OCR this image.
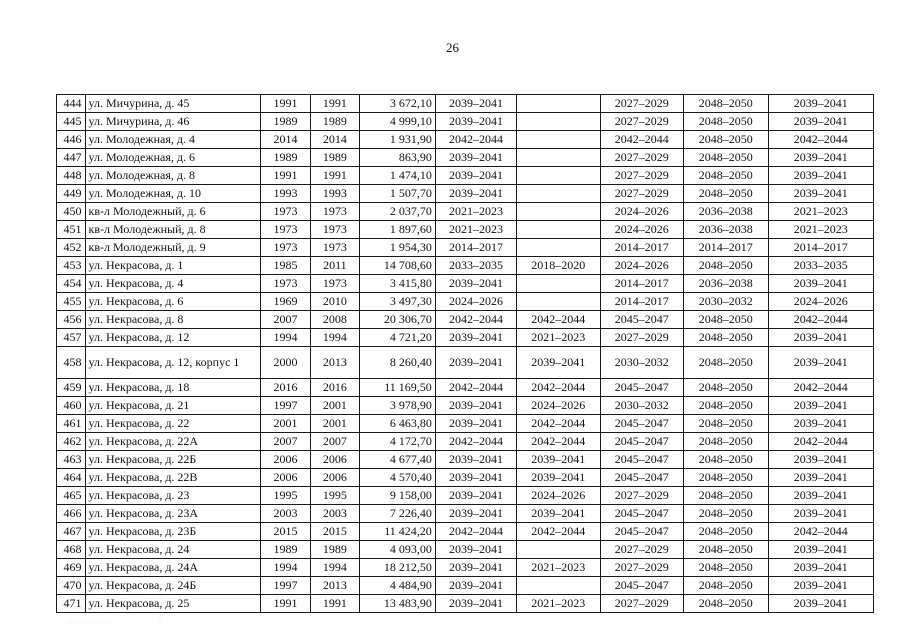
26
444	ул. Мичурина, д. 45	1991	1991	3 672,10	2039–2041		2027–2029	2048–2050	2039–2041
445	ул. Мичурина, д. 46	1989	1989	4 999,10	2039–2041		2027–2029	2048–2050	2039–2041
446	ул. Молодежная, д. 4	2014	2014	1 931,90	2042–2044		2042–2044	2048–2050	2042–2044
447	ул. Молодежная, д. 6	1989	1989	863,90	2039–2041		2027–2029	2048–2050	2039–2041
448	ул. Молодежная, д. 8	1991	1991	1 474,10	2039–2041		2027–2029	2048–2050	2039–2041
449	ул. Молодежная, д. 10	1993	1993	1 507,70	2039–2041		2027–2029	2048–2050	2039–2041
450	кв-л Молодежный, д. 6	1973	1973	2 037,70	2021–2023		2024–2026	2036–2038	2021–2023
451	кв-л Молодежный, д. 8	1973	1973	1 897,60	2021–2023		2024–2026	2036–2038	2021–2023
452	кв-л Молодежный, д. 9	1973	1973	1 954,30	2014–2017		2014–2017	2014–2017	2014–2017
453	ул. Некрасова, д. 1	1985	2011	14 708,60	2033–2035	2018–2020	2024–2026	2048–2050	2033–2035
454	ул. Некрасова, д. 4	1973	1973	3 415,80	2039–2041		2014–2017	2036–2038	2039–2041
455	ул. Некрасова, д. 6	1969	2010	3 497,30	2024–2026		2014–2017	2030–2032	2024–2026
456	ул. Некрасова, д. 8	2007	2008	20 306,70	2042–2044	2042–2044	2045–2047	2048–2050	2042–2044
457	ул. Некрасова, д. 12	1994	1994	4 721,20	2039–2041	2021–2023	2027–2029	2048–2050	2039–2041
458	ул. Некрасова, д. 12, корпус 1	2000	2013	8 260,40	2039–2041	2039–2041	2030–2032	2048–2050	2039–2041
459	ул. Некрасова, д. 18	2016	2016	11 169,50	2042–2044	2042–2044	2045–2047	2048–2050	2042–2044
460	ул. Некрасова, д. 21	1997	2001	3 978,90	2039–2041	2024–2026	2030–2032	2048–2050	2039–2041
461	ул. Некрасова, д. 22	2001	2001	6 463,80	2039–2041	2042–2044	2045–2047	2048–2050	2039–2041
462	ул. Некрасова, д. 22А	2007	2007	4 172,70	2042–2044	2042–2044	2045–2047	2048–2050	2042–2044
463	ул. Некрасова, д. 22Б	2006	2006	4 677,40	2039–2041	2039–2041	2045–2047	2048–2050	2039–2041
464	ул. Некрасова, д. 22В	2006	2006	4 570,40	2039–2041	2039–2041	2045–2047	2048–2050	2039–2041
465	ул. Некрасова, д. 23	1995	1995	9 158,00	2039–2041	2024–2026	2027–2029	2048–2050	2039–2041
466	ул. Некрасова, д. 23А	2003	2003	7 226,40	2039–2041	2039–2041	2045–2047	2048–2050	2039–2041
467	ул. Некрасова, д. 23Б	2015	2015	11 424,20	2042–2044	2042–2044	2045–2047	2048–2050	2042–2044
468	ул. Некрасова, д. 24	1989	1989	4 093,00	2039–2041		2027–2029	2048–2050	2039–2041
469	ул. Некрасова, д. 24А	1994	1994	18 212,50	2039–2041	2021–2023	2027–2029	2048–2050	2039–2041
470	ул. Некрасова, д. 24Б	1997	2013	4 484,90	2039–2041		2045–2047	2048–2050	2039–2041
471	ул. Некрасова, д. 25	1991	1991	13 483,90	2039–2041	2021–2023	2027–2029	2048–2050	2039–2041
